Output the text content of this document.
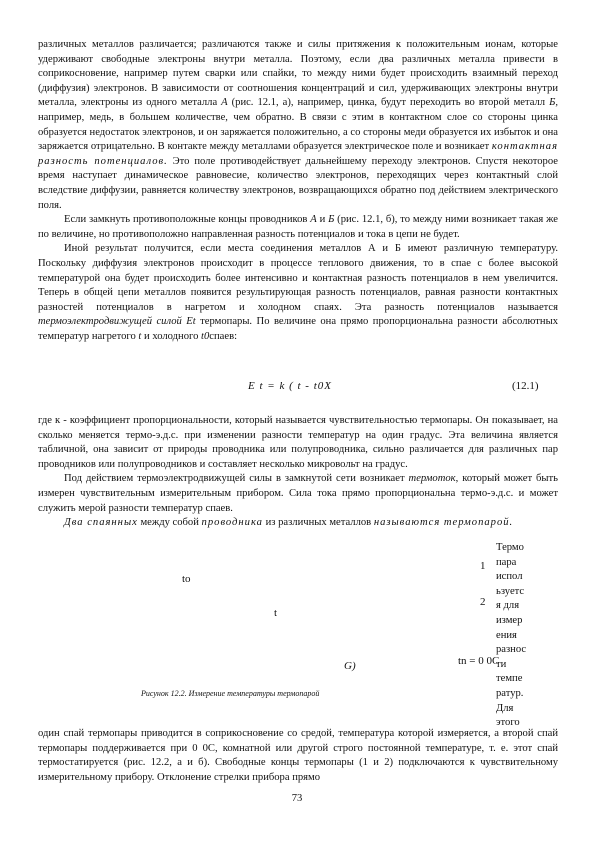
различных металлов различается; различаются также и силы притяжения к положительным ионам, которые удерживают свободные электроны внутри металла. Поэтому, если два различных металла привести в соприкосновение, например путем сварки или спайки, то между ними будет происходить взаимный переход (диффузия) электронов. В зависимости от соотношения концентраций и сил, удерживающих электроны внутри металла, электроны из одного металла А (рис. 12.1, а), например, цинка, будут переходить во второй металл Б, например, медь, в большем количестве, чем обратно. В связи с этим в контактном слое со стороны цинка образуется недостаток электронов, и он заряжается положительно, а со стороны меди образуется их избыток и она заряжается отрицательно. В контакте между металлами образуется электрическое поле и возникает контактная разность потенциалов. Это поле противодействует дальнейшему переходу электронов. Спустя некоторое время наступает динамическое равновесие, количество электронов, переходящих через контактный слой вследствие диффузии, равняется количеству электронов, возвращающихся обратно под действием электрического поля.

Если замкнуть противоположные концы проводников А и Б (рис. 12.1, б), то между ними возникает такая же по величине, но противоположно направленная разность потенциалов и тока в цепи не будет.

Иной результат получится, если места соединения металлов А и Б имеют различную температуру. Поскольку диффузия электронов происходит в процессе теплового движения, то в спае с более высокой температурой она будет происходить более интенсивно и контактная разность потенциалов в нем увеличится. Теперь в общей цепи металлов появится результирующая разность потенциалов, равная разности контактных разностей потенциалов в нагретом и холодном спаях. Эта разность потенциалов называется термоэлектродвижущей силой Et термопары. По величине она прямо пропорциональна разности абсолютных температур нагретого t и холодного t0спаев:

E t = k ( t - t0X	(12.1)

где к - коэффициент пропорциональности, который называется чувствительностью термопары. Он показывает, на сколько меняется термо-э.д.с. при изменении разности температур на один градус. Эта величина является табличной, она зависит от природы проводника или полупроводника, сильно различается для различных пар проводников или полупроводников и составляет несколько микровольт на градус.

Под действием термоэлектродвижущей силы в замкнутой сети возникает термоток, который может быть измерен чувствительным измерительным прибором. Сила тока прямо пропорциональна термо-э.д.с. и может служить мерой разности температур спаев.

Два спаянных между собой проводника из различных металлов называются термопарой.

to
t
1
2
tn = 0 0C
G)
Рисунок 12.2. Измерение температуры термопарой
Термо
пара
испол
ьзуетс
я для
измер
ения
разнос
ти
темпе
ратур.
Для
этого

один спай термопары приводится в соприкосновение со средой, температура которой измеряется, а второй спай термопары поддерживается при 0 0С, комнатной или другой строго постоянной температуре, т. е. этот спай термостатируется (рис. 12.2, а и б). Свободные концы термопары (1 и 2) подключаются к чувствительному измерительному прибору. Отклонение стрелки прибора прямо

73
